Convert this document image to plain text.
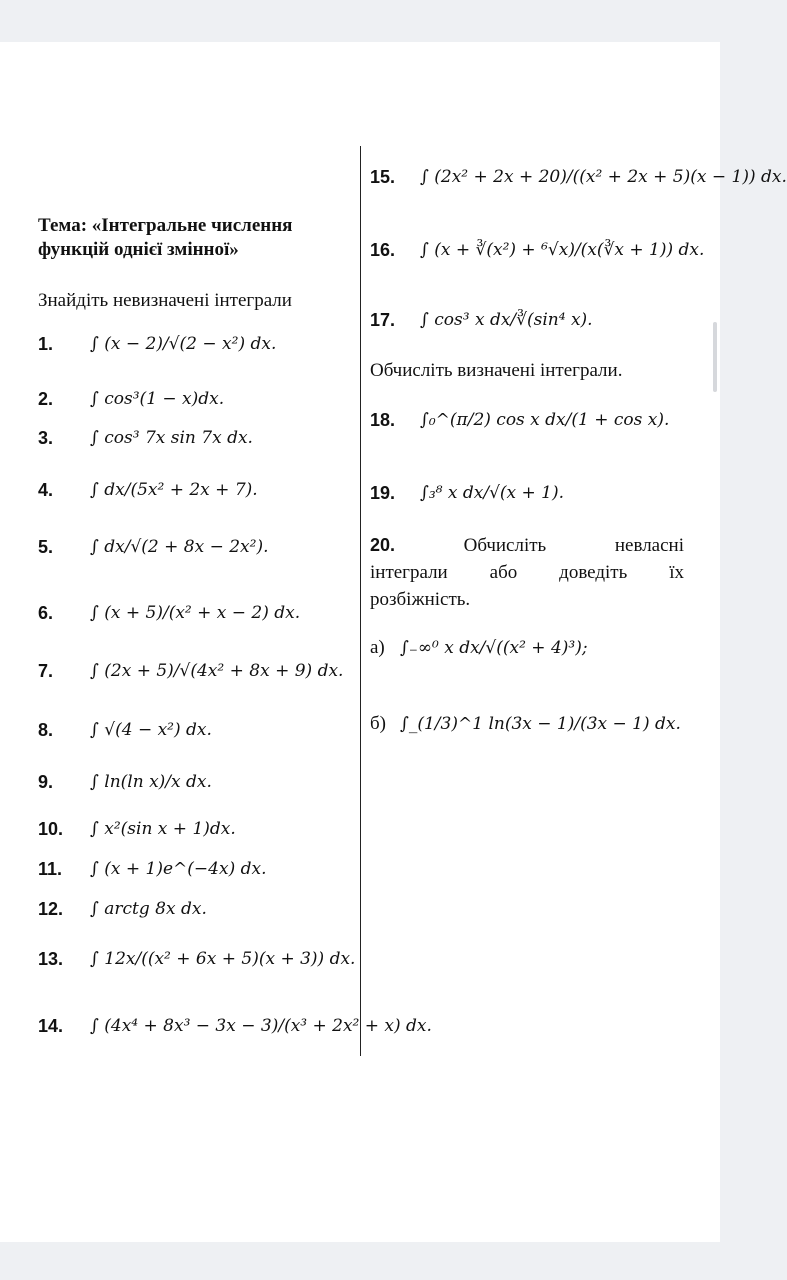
Тема: «Інтегральне числення функцій однієї змінної»
Знайдіть невизначені інтеграли
1. ∫ (x − 2)/√(2 − x²) dx.
2. ∫ cos³(1 − x)dx.
3. ∫ cos³ 7x sin 7x dx.
4. ∫ dx/(5x² + 2x + 7).
5. ∫ dx/√(2 + 8x − 2x²).
6. ∫ (x + 5)/(x² + x − 2) dx.
7. ∫ (2x + 5)/√(4x² + 8x + 9) dx.
8. ∫ √(4 − x²) dx.
9. ∫ ln(ln x)/x dx.
10. ∫ x²(sin x + 1)dx.
11. ∫ (x + 1)e^(−4x) dx.
12. ∫ arctg 8x dx.
13. ∫ 12x/((x² + 6x + 5)(x + 3)) dx.
14. ∫ (4x⁴ + 8x³ − 3x − 3)/(x³ + 2x² + x) dx.
15. ∫ (2x² + 2x + 20)/((x² + 2x + 5)(x − 1)) dx.
16. ∫ (x + ∛(x²) + ⁶√x)/(x(∛x + 1)) dx.
17. ∫ cos³ x dx/∛(sin⁴ x).
Обчисліть визначені інтеграли.
18. ∫₀^(π/2) cos x dx/(1 + cos x).
19. ∫₃⁸ x dx/√(x + 1).
20.	Обчисліть	невласні
інтеграли або доведіть їх
розбіжність.
а) ∫₋∞⁰ x dx/√((x² + 4)³);
б) ∫_(1/3)^1 ln(3x − 1)/(3x − 1) dx.
